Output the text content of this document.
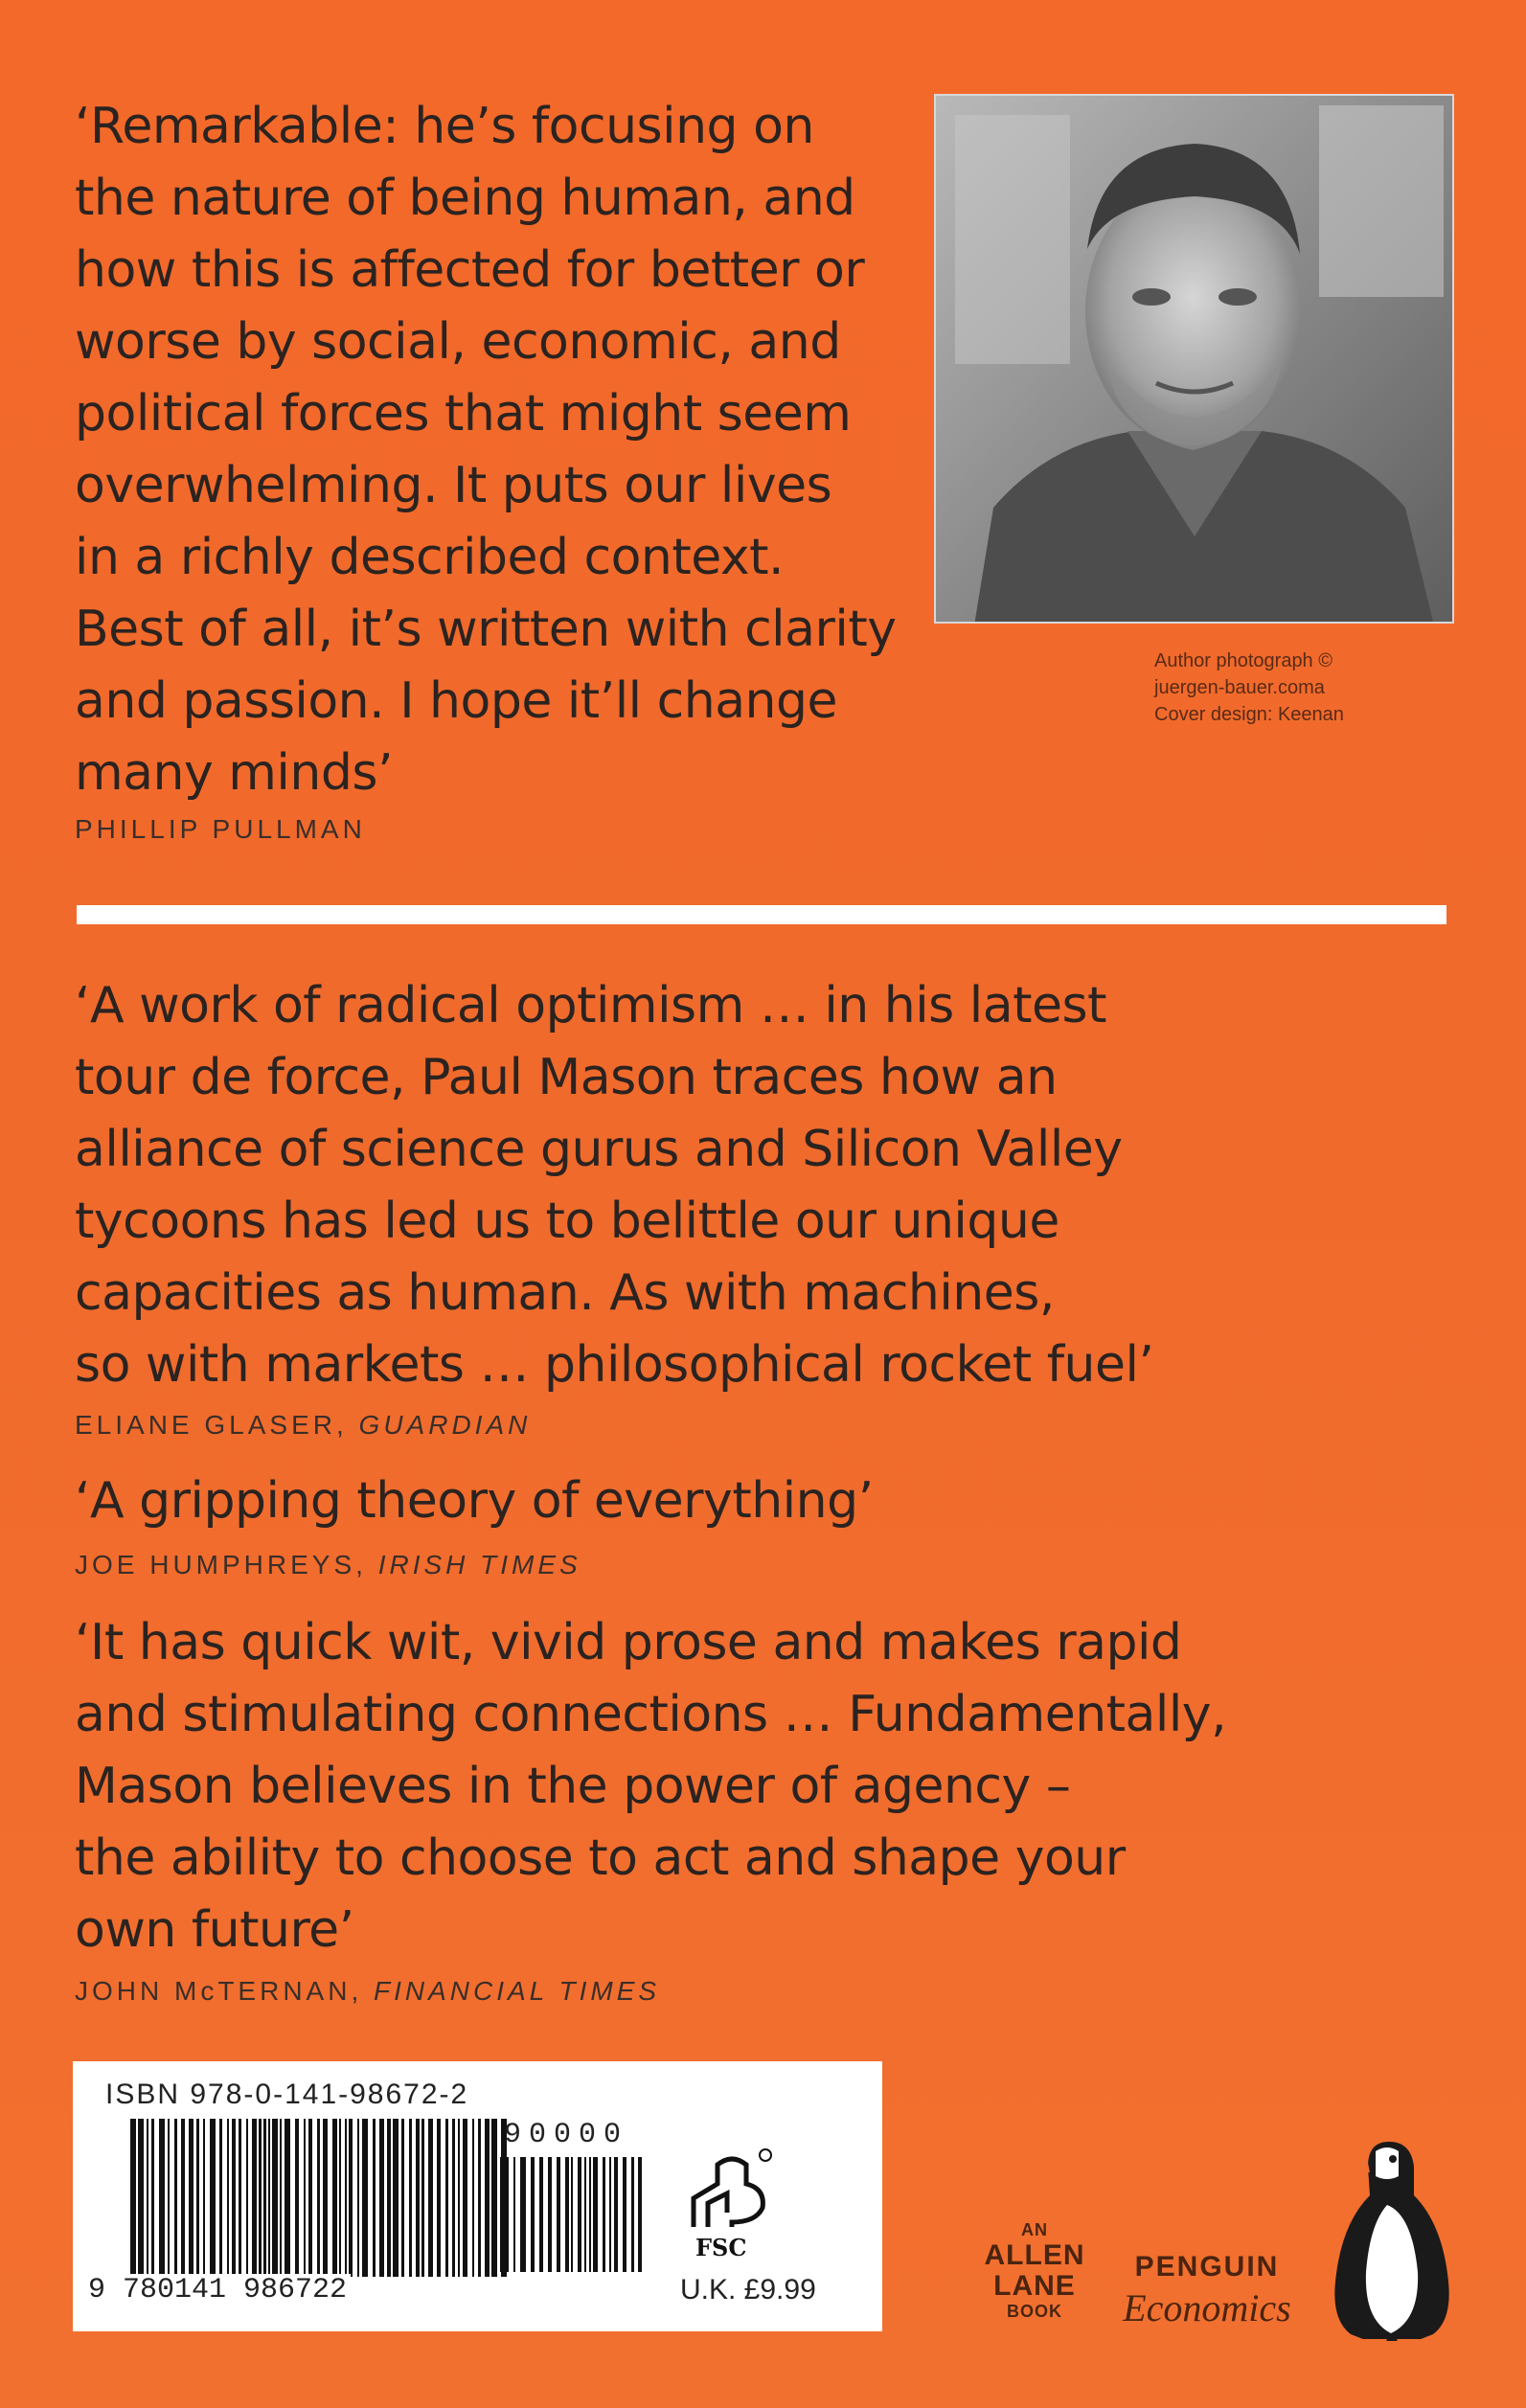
‘Remarkable: he’s focusing on
the nature of being human, and
how this is affected for better or
worse by social, economic, and
political forces that might seem
overwhelming. It puts our lives
in a richly described context.
Best of all, it’s written with clarity
and passion. I hope it’ll change
many minds’

PHILLIP PULLMAN

Author photograph ©
juergen-bauer.coma
Cover design: Keenan

‘A work of radical optimism … in his latest
tour de force, Paul Mason traces how an
alliance of science gurus and Silicon Valley
tycoons has led us to belittle our unique
capacities as human. As with machines,
so with markets … philosophical rocket fuel’

ELIANE GLASER, GUARDIAN

‘A gripping theory of everything’

JOE HUMPHREYS, IRISH TIMES

‘It has quick wit, vivid prose and makes rapid
and stimulating connections … Fundamentally,
Mason believes in the power of agency –
the ability to choose to act and shape your
own future’

JOHN McTERNAN, FINANCIAL TIMES

ISBN 978-0-141-98672-2
9 780141 986722
90000
FSC
U.K. £9.99
AN
ALLEN
LANE
BOOK
PENGUIN
Economics
